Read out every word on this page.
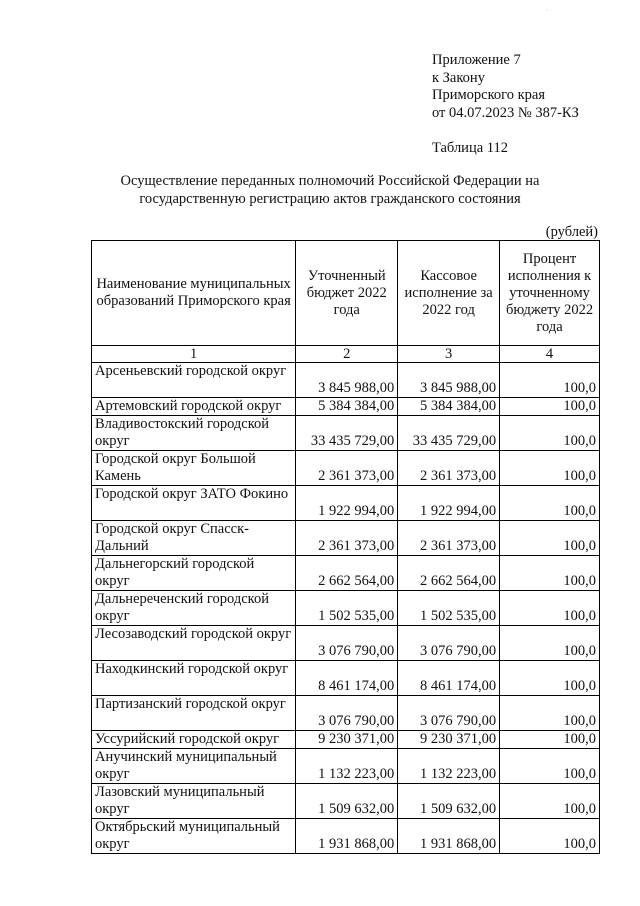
·
Приложение 7
к Закону
Приморского края
от 04.07.2023 № 387-КЗ
Таблица 112
Осуществление переданных полномочий Российской Федерации на
государственную регистрацию актов гражданского состояния
(рублей)
Наименование муниципальных образований Приморского края	Уточненный бюджет 2022 года	Кассовое исполнение за 2022 год	Процент исполнения к уточненному бюджету 2022 года
1	2	3	4
Арсеньевский городской округ	3 845 988,00	3 845 988,00	100,0
Артемовский городской округ	5 384 384,00	5 384 384,00	100,0
Владивостокский городской округ	33 435 729,00	33 435 729,00	100,0
Городской округ Большой Камень	2 361 373,00	2 361 373,00	100,0
Городской округ ЗАТО Фокино	1 922 994,00	1 922 994,00	100,0
Городской округ Спасск-Дальний	2 361 373,00	2 361 373,00	100,0
Дальнегорский городской округ	2 662 564,00	2 662 564,00	100,0
Дальнереченский городской округ	1 502 535,00	1 502 535,00	100,0
Лесозаводский городской округ	3 076 790,00	3 076 790,00	100,0
Находкинский городской округ	8 461 174,00	8 461 174,00	100,0
Партизанский городской округ	3 076 790,00	3 076 790,00	100,0
Уссурийский городской округ	9 230 371,00	9 230 371,00	100,0
Анучинский муниципальный округ	1 132 223,00	1 132 223,00	100,0
Лазовский муниципальный округ	1 509 632,00	1 509 632,00	100,0
Октябрьский муниципальный округ	1 931 868,00	1 931 868,00	100,0
